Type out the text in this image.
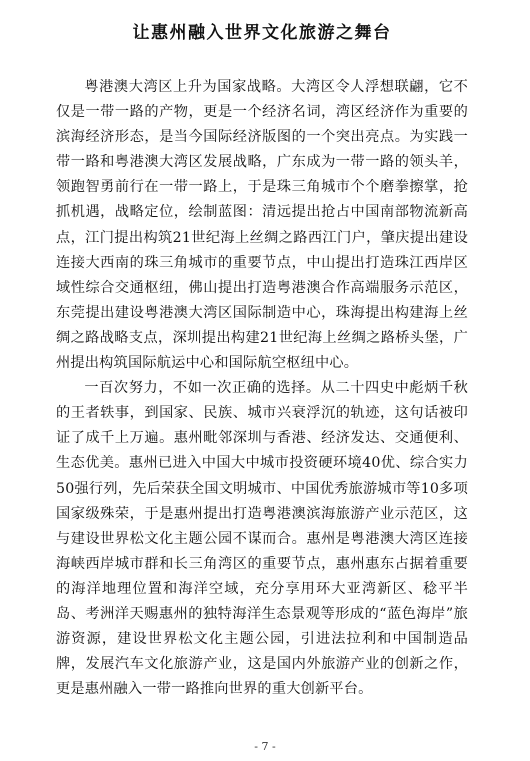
让惠州融入世界文化旅游之舞台

粤港澳大湾区上升为国家战略。大湾区令人浮想联翩，它不仅是一带一路的产物，更是一个经济名词，湾区经济作为重要的滨海经济形态，是当今国际经济版图的一个突出亮点。为实践一带一路和粤港澳大湾区发展战略，广东成为一带一路的领头羊，领跑智勇前行在一带一路上，于是珠三角城市个个磨拳擦掌，抢抓机遇，战略定位，绘制蓝图：清远提出抢占中国南部物流新高点，江门提出构筑21世纪海上丝绸之路西江门户，肇庆提出建设连接大西南的珠三角城市的重要节点，中山提出打造珠江西岸区域性综合交通枢纽，佛山提出打造粤港澳合作高端服务示范区，东莞提出建设粤港澳大湾区国际制造中心，珠海提出构建海上丝绸之路战略支点，深圳提出构建21世纪海上丝绸之路桥头堡，广州提出构筑国际航运中心和国际航空枢纽中心。

一百次努力，不如一次正确的选择。从二十四史中彪炳千秋的王者轶事，到国家、民族、城市兴衰浮沉的轨迹，这句话被印证了成千上万遍。惠州毗邻深圳与香港、经济发达、交通便利、生态优美。惠州已进入中国大中城市投资硬环境40优、综合实力50强行列，先后荣获全国文明城市、中国优秀旅游城市等10多项国家级殊荣，于是惠州提出打造粤港澳滨海旅游产业示范区，这与建设世界松文化主题公园不谋而合。惠州是粤港澳大湾区连接海峡西岸城市群和长三角湾区的重要节点，惠州惠东占据着重要的海洋地理位置和海洋空域，充分享用环大亚湾新区、稔平半岛、考洲洋天赐惠州的独特海洋生态景观等形成的“蓝色海岸”旅游资源，建设世界松文化主题公园，引进法拉利和中国制造品牌，发展汽车文化旅游产业，这是国内外旅游产业的创新之作，更是惠州融入一带一路推向世界的重大创新平台。

- 7 -
